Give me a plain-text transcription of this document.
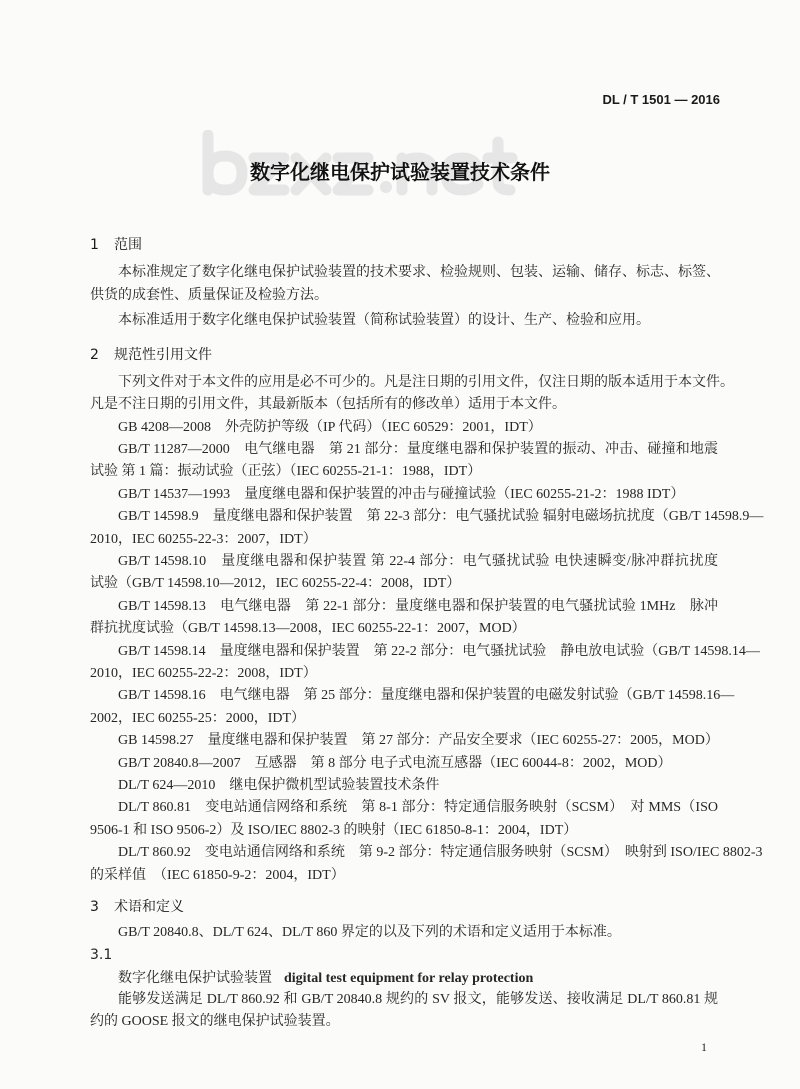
DL / T 1501 — 2016
数字化继电保护试验装置技术条件
1 范围
本标准规定了数字化继电保护试验装置的技术要求、检验规则、包装、运输、储存、标志、标签、
供货的成套性、质量保证及检验方法。
本标准适用于数字化继电保护试验装置（简称试验装置）的设计、生产、检验和应用。
2 规范性引用文件
下列文件对于本文件的应用是必不可少的。凡是注日期的引用文件，仅注日期的版本适用于本文件。
凡是不注日期的引用文件，其最新版本（包括所有的修改单）适用于本文件。
GB 4208—2008　外壳防护等级（IP 代码）（IEC 60529：2001，IDT）
GB/T 11287—2000　电气继电器　第 21 部分：量度继电器和保护装置的振动、冲击、碰撞和地震
试验 第 1 篇：振动试验（正弦）（IEC 60255-21-1：1988，IDT）
GB/T 14537—1993　量度继电器和保护装置的冲击与碰撞试验（IEC 60255-21-2：1988 IDT）
GB/T 14598.9　量度继电器和保护装置　第 22-3 部分：电气骚扰试验 辐射电磁场抗扰度（GB/T 14598.9—
2010，IEC 60255-22-3：2007，IDT）
GB/T 14598.10　量度继电器和保护装置 第 22-4 部分：电气骚扰试验 电快速瞬变/脉冲群抗扰度
试验（GB/T 14598.10—2012，IEC 60255-22-4：2008，IDT）
GB/T 14598.13　电气继电器　第 22-1 部分：量度继电器和保护装置的电气骚扰试验 1MHz　脉冲
群抗扰度试验（GB/T 14598.13—2008，IEC 60255-22-1：2007，MOD）
GB/T 14598.14　量度继电器和保护装置　第 22-2 部分：电气骚扰试验　静电放电试验（GB/T 14598.14—
2010，IEC 60255-22-2：2008，IDT）
GB/T 14598.16　电气继电器　第 25 部分：量度继电器和保护装置的电磁发射试验（GB/T 14598.16—
2002，IEC 60255-25：2000，IDT）
GB 14598.27　量度继电器和保护装置　第 27 部分：产品安全要求（IEC 60255-27：2005，MOD）
GB/T 20840.8—2007　互感器　第 8 部分 电子式电流互感器（IEC 60044-8：2002，MOD）
DL/T 624—2010　继电保护微机型试验装置技术条件
DL/T 860.81　变电站通信网络和系统　第 8-1 部分：特定通信服务映射（SCSM）　对 MMS（ISO
9506-1 和 ISO 9506-2）及 ISO/IEC 8802-3 的映射（IEC 61850-8-1：2004，IDT）
DL/T 860.92　变电站通信网络和系统　第 9-2 部分：特定通信服务映射（SCSM）　映射到 ISO/IEC 8802-3
的采样值　（IEC 61850-9-2：2004，IDT）
3 术语和定义
GB/T 20840.8、DL/T 624、DL/T 860 界定的以及下列的术语和定义适用于本标准。
3.1
数字化继电保护试验装置 digital test equipment for relay protection
能够发送满足 DL/T 860.92 和 GB/T 20840.8 规约的 SV 报文，能够发送、接收满足 DL/T 860.81 规
约的 GOOSE 报文的继电保护试验装置。
1
